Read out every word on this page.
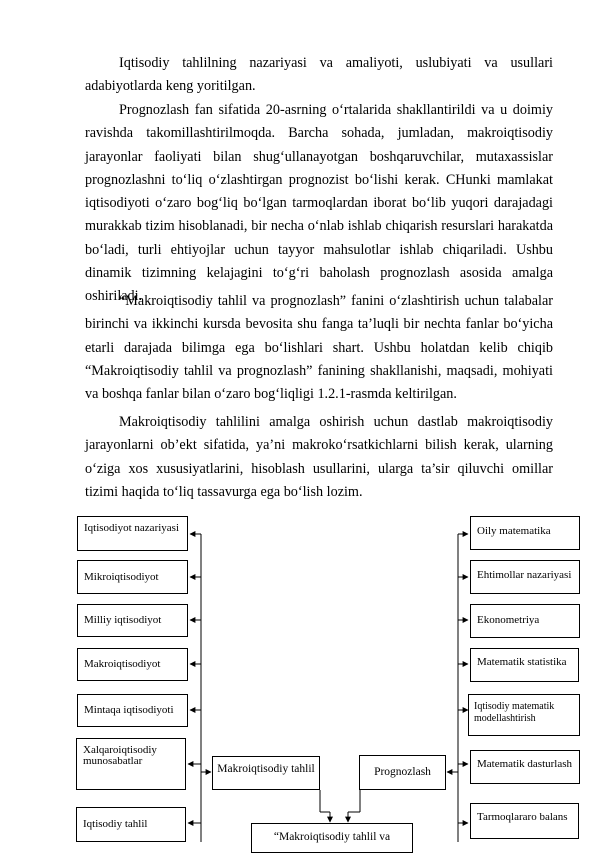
Iqtisodiy tahlilning nazariyasi va amaliyoti, uslubiyati va usullari adabiyotlarda keng yoritilgan.

Prognozlash fan sifatida 20-asrning o‘rtalarida shakllantirildi va u doimiy ravishda takomillashtirilmoqda. Barcha sohada, jumladan, makroiqtisodiy jarayonlar faoliyati bilan shug‘ullanayotgan boshqaruvchilar, mutaxassislar prognozlashni to‘liq o‘zlashtirgan prognozist bo‘lishi kerak. CHunki mamlakat iqtisodiyoti o‘zaro bog‘liq bo‘lgan tarmoqlardan iborat bo‘lib yuqori darajadagi murakkab tizim hisoblanadi, bir necha o‘nlab ishlab chiqarish resurslari harakatda bo‘ladi, turli ehtiyojlar uchun tayyor mahsulotlar ishlab chiqariladi. Ushbu dinamik tizimning kelajagini to‘g‘ri baholash prognozlash asosida amalga oshiriladi.

“Makroiqtisodiy tahlil va prognozlash” fanini o‘zlashtirish uchun talabalar birinchi va ikkinchi kursda bevosita shu fanga ta’luqli bir nechta fanlar bo‘yicha etarli darajada bilimga ega bo‘lishlari shart. Ushbu holatdan kelib chiqib “Makroiqtisodiy tahlil va prognozlash” fanining shakllanishi, maqsadi, mohiyati va boshqa fanlar bilan o‘zaro bog‘liqligi 1.2.1-rasmda keltirilgan.

Makroiqtisodiy tahlilini amalga oshirish uchun dastlab makroiqtisodiy jarayonlarni ob’ekt sifatida, ya’ni makroko‘rsatkichlarni bilish kerak, ularning o‘ziga xos xususiyatlarini, hisoblash usullarini, ularga ta’sir qiluvchi omillar tizimi haqida to‘liq tassavurga ega bo‘lish lozim.

Iqtisodiyot nazariyasi
Mikroiqtisodiyot
Milliy iqtisodiyot
Makroiqtisodiyot
Mintaqa iqtisodiyoti
Xalqaroiqtisodiy munosabatlar
Iqtisodiy tahlil
Oily matematika
Ehtimollar nazariyasi
Ekonometriya
Matematik statistika
Iqtisodiy matematik modellashtirish
Matematik dasturlash
Tarmoqlararo balans
Makroiqtisodiy tahlil	Prognozlash
“Makroiqtisodiy tahlil va
